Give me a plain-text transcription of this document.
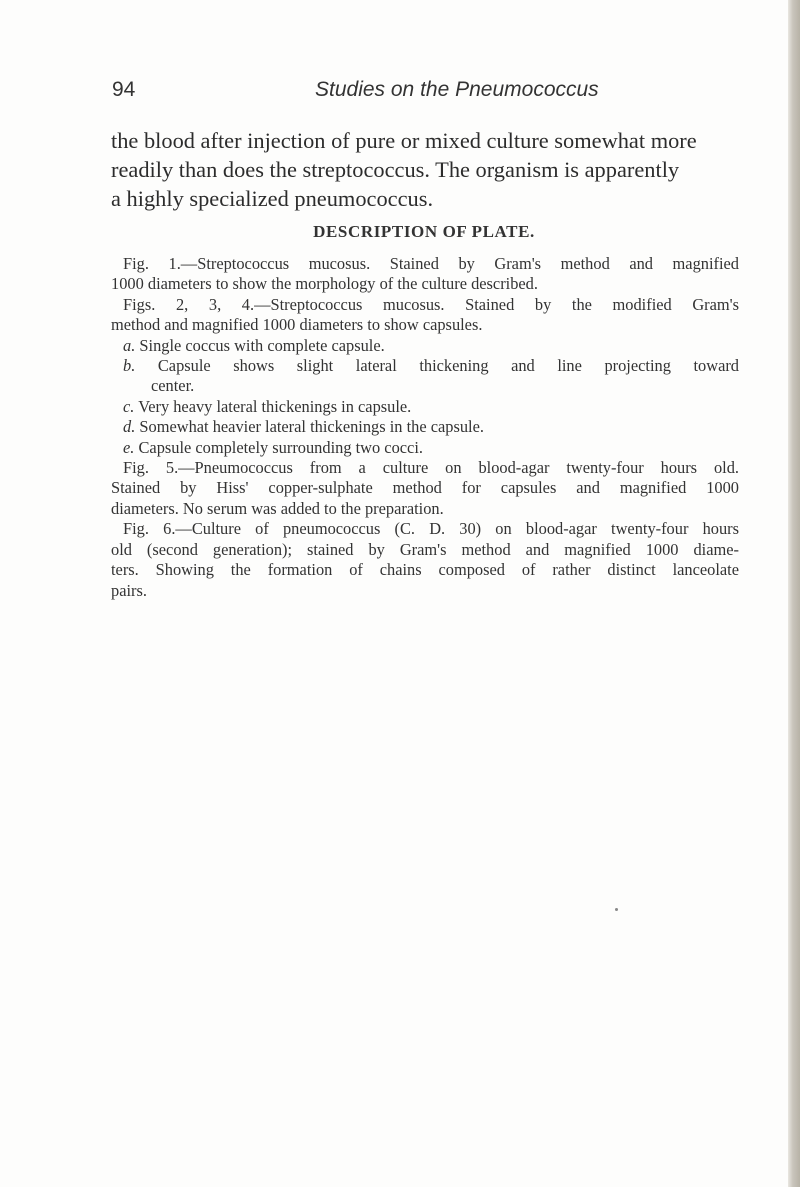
94	Studies on the Pneumococcus

the blood after injection of pure or mixed culture somewhat more
readily than does the streptococcus. The organism is apparently
a highly specialized pneumococcus.

DESCRIPTION OF PLATE.
Fig. 1.—Streptococcus mucosus. Stained by Gram's method and magnified
1000 diameters to show the morphology of the culture described.
Figs. 2, 3, 4.—Streptococcus mucosus. Stained by the modified Gram's
method and magnified 1000 diameters to show capsules.
a. Single coccus with complete capsule.
b. Capsule shows slight lateral thickening and line projecting toward
center.
c. Very heavy lateral thickenings in capsule.
d. Somewhat heavier lateral thickenings in the capsule.
e. Capsule completely surrounding two cocci.
Fig. 5.—Pneumococcus from a culture on blood-agar twenty-four hours old.
Stained by Hiss' copper-sulphate method for capsules and magnified 1000
diameters. No serum was added to the preparation.
Fig. 6.—Culture of pneumococcus (C. D. 30) on blood-agar twenty-four hours
old (second generation); stained by Gram's method and magnified 1000 diame-
ters. Showing the formation of chains composed of rather distinct lanceolate
pairs.
